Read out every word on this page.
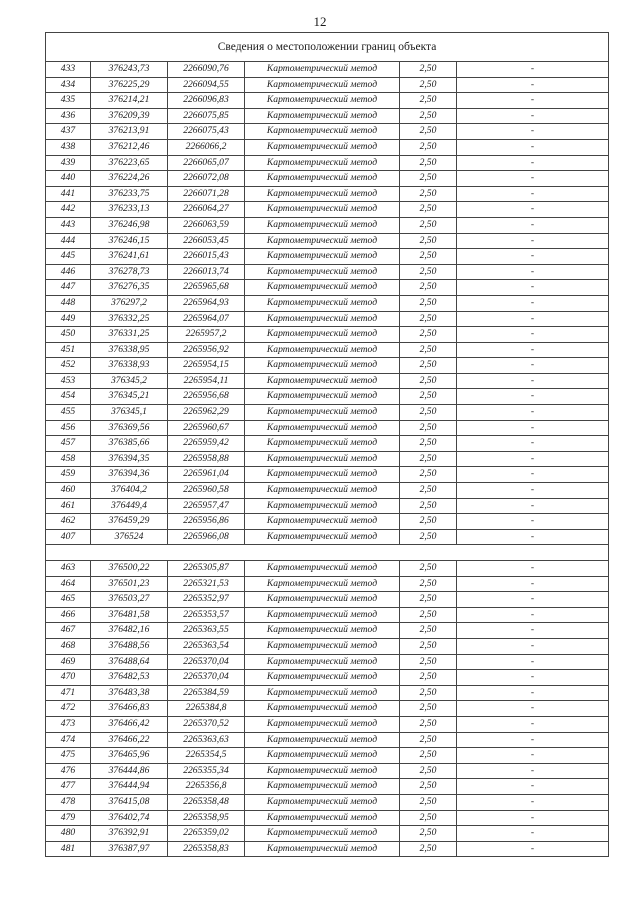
12
Сведения о местоположении границ объекта					
433	376243,73	2266090,76	Картометрический метод	2,50	-
434	376225,29	2266094,55	Картометрический метод	2,50	-
435	376214,21	2266096,83	Картометрический метод	2,50	-
436	376209,39	2266075,85	Картометрический метод	2,50	-
437	376213,91	2266075,43	Картометрический метод	2,50	-
438	376212,46	2266066,2	Картометрический метод	2,50	-
439	376223,65	2266065,07	Картометрический метод	2,50	-
440	376224,26	2266072,08	Картометрический метод	2,50	-
441	376233,75	2266071,28	Картометрический метод	2,50	-
442	376233,13	2266064,27	Картометрический метод	2,50	-
443	376246,98	2266063,59	Картометрический метод	2,50	-
444	376246,15	2266053,45	Картометрический метод	2,50	-
445	376241,61	2266015,43	Картометрический метод	2,50	-
446	376278,73	2266013,74	Картометрический метод	2,50	-
447	376276,35	2265965,68	Картометрический метод	2,50	-
448	376297,2	2265964,93	Картометрический метод	2,50	-
449	376332,25	2265964,07	Картометрический метод	2,50	-
450	376331,25	2265957,2	Картометрический метод	2,50	-
451	376338,95	2265956,92	Картометрический метод	2,50	-
452	376338,93	2265954,15	Картометрический метод	2,50	-
453	376345,2	2265954,11	Картометрический метод	2,50	-
454	376345,21	2265956,68	Картометрический метод	2,50	-
455	376345,1	2265962,29	Картометрический метод	2,50	-
456	376369,56	2265960,67	Картометрический метод	2,50	-
457	376385,66	2265959,42	Картометрический метод	2,50	-
458	376394,35	2265958,88	Картометрический метод	2,50	-
459	376394,36	2265961,04	Картометрический метод	2,50	-
460	376404,2	2265960,58	Картометрический метод	2,50	-
461	376449,4	2265957,47	Картометрический метод	2,50	-
462	376459,29	2265956,86	Картометрический метод	2,50	-
407	376524	2265966,08	Картометрический метод	2,50	-

463	376500,22	2265305,87	Картометрический метод	2,50	-
464	376501,23	2265321,53	Картометрический метод	2,50	-
465	376503,27	2265352,97	Картометрический метод	2,50	-
466	376481,58	2265353,57	Картометрический метод	2,50	-
467	376482,16	2265363,55	Картометрический метод	2,50	-
468	376488,56	2265363,54	Картометрический метод	2,50	-
469	376488,64	2265370,04	Картометрический метод	2,50	-
470	376482,53	2265370,04	Картометрический метод	2,50	-
471	376483,38	2265384,59	Картометрический метод	2,50	-
472	376466,83	2265384,8	Картометрический метод	2,50	-
473	376466,42	2265370,52	Картометрический метод	2,50	-
474	376466,22	2265363,63	Картометрический метод	2,50	-
475	376465,96	2265354,5	Картометрический метод	2,50	-
476	376444,86	2265355,34	Картометрический метод	2,50	-
477	376444,94	2265356,8	Картометрический метод	2,50	-
478	376415,08	2265358,48	Картометрический метод	2,50	-
479	376402,74	2265358,95	Картометрический метод	2,50	-
480	376392,91	2265359,02	Картометрический метод	2,50	-
481	376387,97	2265358,83	Картометрический метод	2,50	-
